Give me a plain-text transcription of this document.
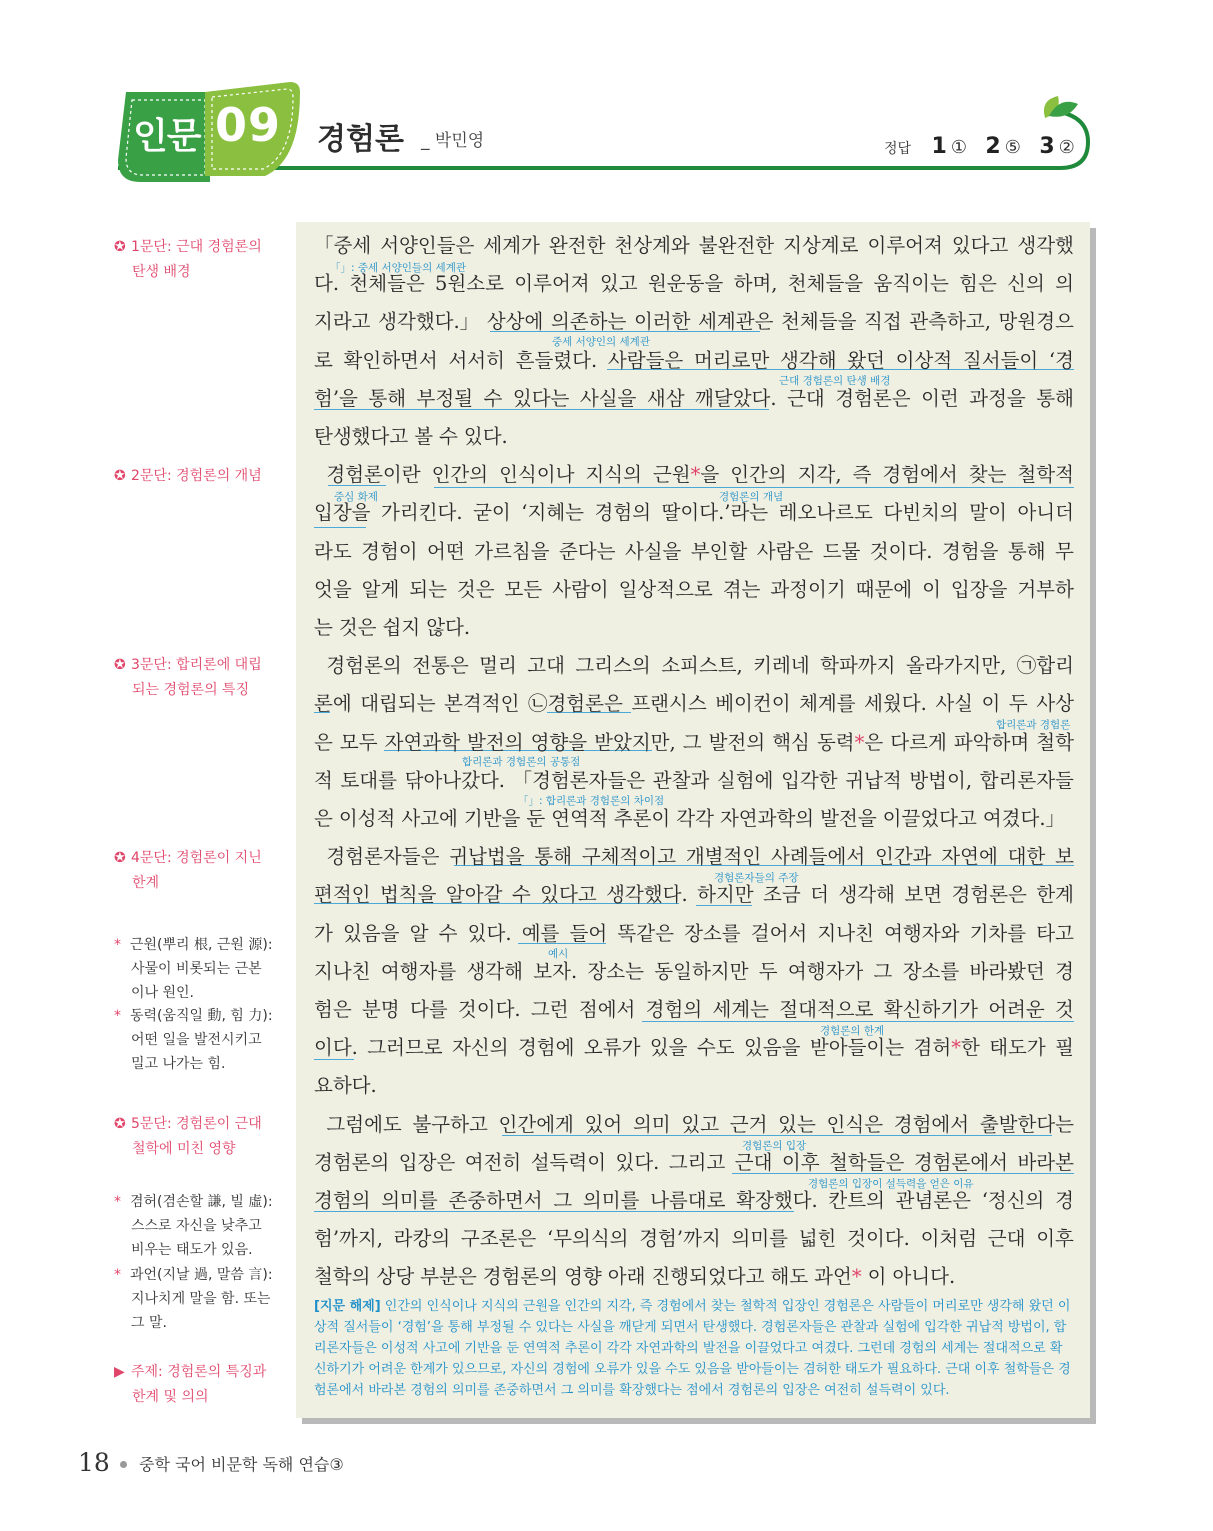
인문 09 경험론 _ 박민영	정답 1 ① 2 ⑤ 3 ②
✪ 1문단: 근대 경험론의
탄생 배경
✪ 2문단: 경험론의 개념
✪ 3문단: 합리론에 대립
되는 경험론의 특징
✪ 4문단: 경험론이 지닌
한계
* 근원(뿌리 根, 근원 源):
사물이 비롯되는 근본
이나 원인.
* 동력(움직일 動, 힘 力):
어떤 일을 발전시키고
밀고 나가는 힘.
✪ 5문단: 경험론이 근대
철학에 미친 영향
* 겸허(겸손할 謙, 빌 虛):
스스로 자신을 낮추고
비우는 태도가 있음.
* 과언(지날 過, 말씀 言):
지나치게 말을 함. 또는
그 말.
▶ 주제: 경험론의 특징과
한계 및 의의
「」: 중세 서양인들의 세계관
중세 서양인의 세계관
근대 경험론의 탄생 배경
중심 화제	경험론의 개념
합리론과 경험론
합리론과 경험론의 공통점
「」: 합리론과 경험론의 차이점
경험론자들의 주장
예시
경험론의 한계
경험론의 입장
경험론의 입장이 설득력을 얻은 이유
「중세 서양인들은 세계가 완전한 천상계와 불완전한 지상계로 이루어져 있다고 생각했
다. 천체들은 5원소로 이루어져 있고 원운동을 하며, 천체들을 움직이는 힘은 신의 의
지라고 생각했다.」 상상에 의존하는 이러한 세계관은 천체들을 직접 관측하고, 망원경으
로 확인하면서 서서히 흔들렸다. 사람들은 머리로만 생각해 왔던 이상적 질서들이 ‘경
험’을 통해 부정될 수 있다는 사실을 새삼 깨달았다. 근대 경험론은 이런 과정을 통해
탄생했다고 볼 수 있다.
경험론이란 인간의 인식이나 지식의 근원*을 인간의 지각, 즉 경험에서 찾는 철학적
입장을 가리킨다. 굳이 ‘지혜는 경험의 딸이다.’라는 레오나르도 다빈치의 말이 아니더
라도 경험이 어떤 가르침을 준다는 사실을 부인할 사람은 드물 것이다. 경험을 통해 무
엇을 알게 되는 것은 모든 사람이 일상적으로 겪는 과정이기 때문에 이 입장을 거부하
는 것은 쉽지 않다.
경험론의 전통은 멀리 고대 그리스의 소피스트, 키레네 학파까지 올라가지만, ㉠합리
론에 대립되는 본격적인 ㉡경험론은 프랜시스 베이컨이 체계를 세웠다. 사실 이 두 사상
은 모두 자연과학 발전의 영향을 받았지만, 그 발전의 핵심 동력*은 다르게 파악하며 철학
적 토대를 닦아나갔다. 「경험론자들은 관찰과 실험에 입각한 귀납적 방법이, 합리론자들
은 이성적 사고에 기반을 둔 연역적 추론이 각각 자연과학의 발전을 이끌었다고 여겼다.」
경험론자들은 귀납법을 통해 구체적이고 개별적인 사례들에서 인간과 자연에 대한 보
편적인 법칙을 알아갈 수 있다고 생각했다. 하지만 조금 더 생각해 보면 경험론은 한계
가 있음을 알 수 있다. 예를 들어 똑같은 장소를 걸어서 지나친 여행자와 기차를 타고
지나친 여행자를 생각해 보자. 장소는 동일하지만 두 여행자가 그 장소를 바라봤던 경
험은 분명 다를 것이다. 그런 점에서 경험의 세계는 절대적으로 확신하기가 어려운 것
이다. 그러므로 자신의 경험에 오류가 있을 수도 있음을 받아들이는 겸허*한 태도가 필
요하다.
그럼에도 불구하고 인간에게 있어 의미 있고 근거 있는 인식은 경험에서 출발한다는
경험론의 입장은 여전히 설득력이 있다. 그리고 근대 이후 철학들은 경험론에서 바라본
경험의 의미를 존중하면서 그 의미를 나름대로 확장했다. 칸트의 관념론은 ‘정신의 경
험’까지, 라캉의 구조론은 ‘무의식의 경험’까지 의미를 넓힌 것이다. 이처럼 근대 이후
철학의 상당 부분은 경험론의 영향 아래 진행되었다고 해도 과언* 이 아니다.
[지문 해제] 인간의 인식이나 지식의 근원을 인간의 지각, 즉 경험에서 찾는 철학적 입장인 경험론은 사람들이 머리로만 생각해 왔던 이상적 질서들이 ‘경험’을 통해 부정될 수 있다는 사실을 깨닫게 되면서 탄생했다. 경험론자들은 관찰과 실험에 입각한 귀납적 방법이, 합리론자들은 이성적 사고에 기반을 둔 연역적 추론이 각각 자연과학의 발전을 이끌었다고 여겼다. 그런데 경험의 세계는 절대적으로 확신하기가 어려운 한계가 있으므로, 자신의 경험에 오류가 있을 수도 있음을 받아들이는 겸허한 태도가 필요하다. 근대 이후 철학들은 경험론에서 바라본 경험의 의미를 존중하면서 그 의미를 확장했다는 점에서 경험론의 입장은 여전히 설득력이 있다.
18 중학 국어 비문학 독해 연습③
